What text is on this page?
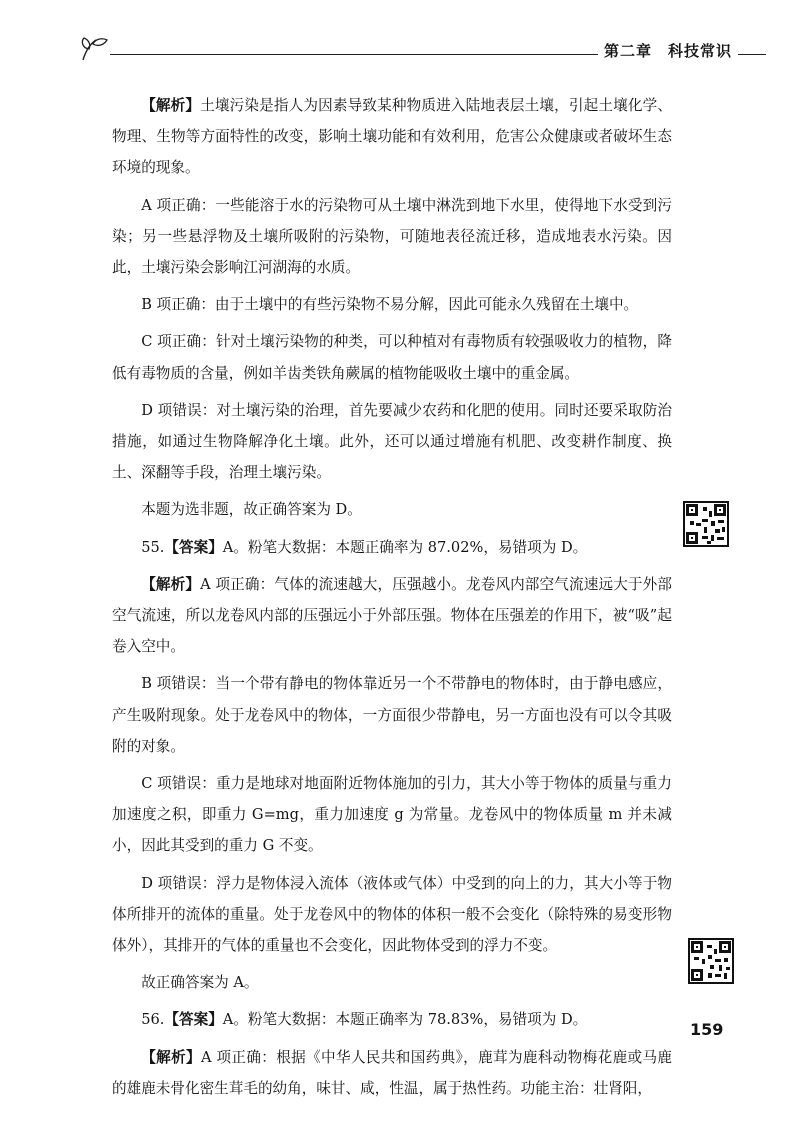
第二章　科技常识

【解析】土壤污染是指人为因素导致某种物质进入陆地表层土壤，引起土壤化学、物理、生物等方面特性的改变，影响土壤功能和有效利用，危害公众健康或者破坏生态环境的现象。

A 项正确：一些能溶于水的污染物可从土壤中淋洗到地下水里，使得地下水受到污染；另一些悬浮物及土壤所吸附的污染物，可随地表径流迁移，造成地表水污染。因此，土壤污染会影响江河湖海的水质。

B 项正确：由于土壤中的有些污染物不易分解，因此可能永久残留在土壤中。

C 项正确：针对土壤污染物的种类，可以种植对有毒物质有较强吸收力的植物，降低有毒物质的含量，例如羊齿类铁角蕨属的植物能吸收土壤中的重金属。

D 项错误：对土壤污染的治理，首先要减少农药和化肥的使用。同时还要采取防治措施，如通过生物降解净化土壤。此外，还可以通过增施有机肥、改变耕作制度、换土、深翻等手段，治理土壤污染。

本题为选非题，故正确答案为 D。

55.【答案】A。粉笔大数据：本题正确率为 87.02%，易错项为 D。

【解析】A 项正确：气体的流速越大，压强越小。龙卷风内部空气流速远大于外部空气流速，所以龙卷风内部的压强远小于外部压强。物体在压强差的作用下，被“吸”起卷入空中。

B 项错误：当一个带有静电的物体靠近另一个不带静电的物体时，由于静电感应，产生吸附现象。处于龙卷风中的物体，一方面很少带静电，另一方面也没有可以令其吸附的对象。

C 项错误：重力是地球对地面附近物体施加的引力，其大小等于物体的质量与重力加速度之积，即重力 G=mg，重力加速度 g 为常量。龙卷风中的物体质量 m 并未减小，因此其受到的重力 G 不变。

D 项错误：浮力是物体浸入流体（液体或气体）中受到的向上的力，其大小等于物体所排开的流体的重量。处于龙卷风中的物体的体积一般不会变化（除特殊的易变形物体外），其排开的气体的重量也不会变化，因此物体受到的浮力不变。

故正确答案为 A。

56.【答案】A。粉笔大数据：本题正确率为 78.83%，易错项为 D。

【解析】A 项正确：根据《中华人民共和国药典》，鹿茸为鹿科动物梅花鹿或马鹿的雄鹿未骨化密生茸毛的幼角，味甘、咸，性温，属于热性药。功能主治：壮肾阳，

159
